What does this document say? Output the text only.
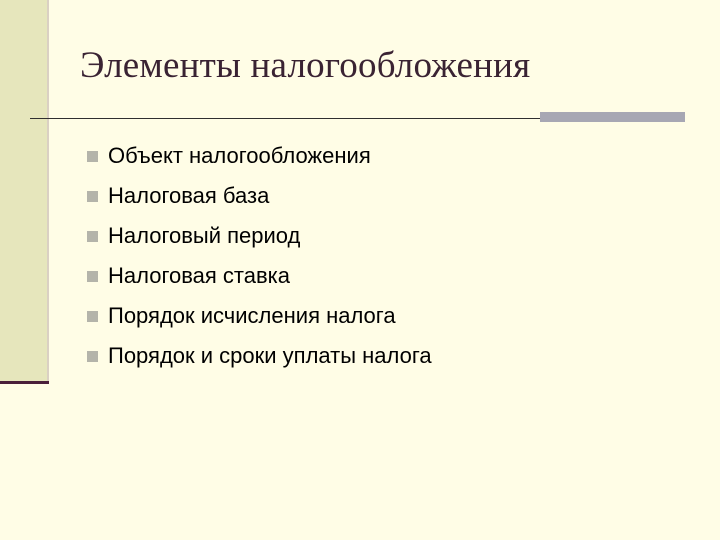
Элементы налогообложения
Объект налогообложения
Налоговая база
Налоговый период
Налоговая ставка
Порядок исчисления налога
Порядок и сроки уплаты налога
